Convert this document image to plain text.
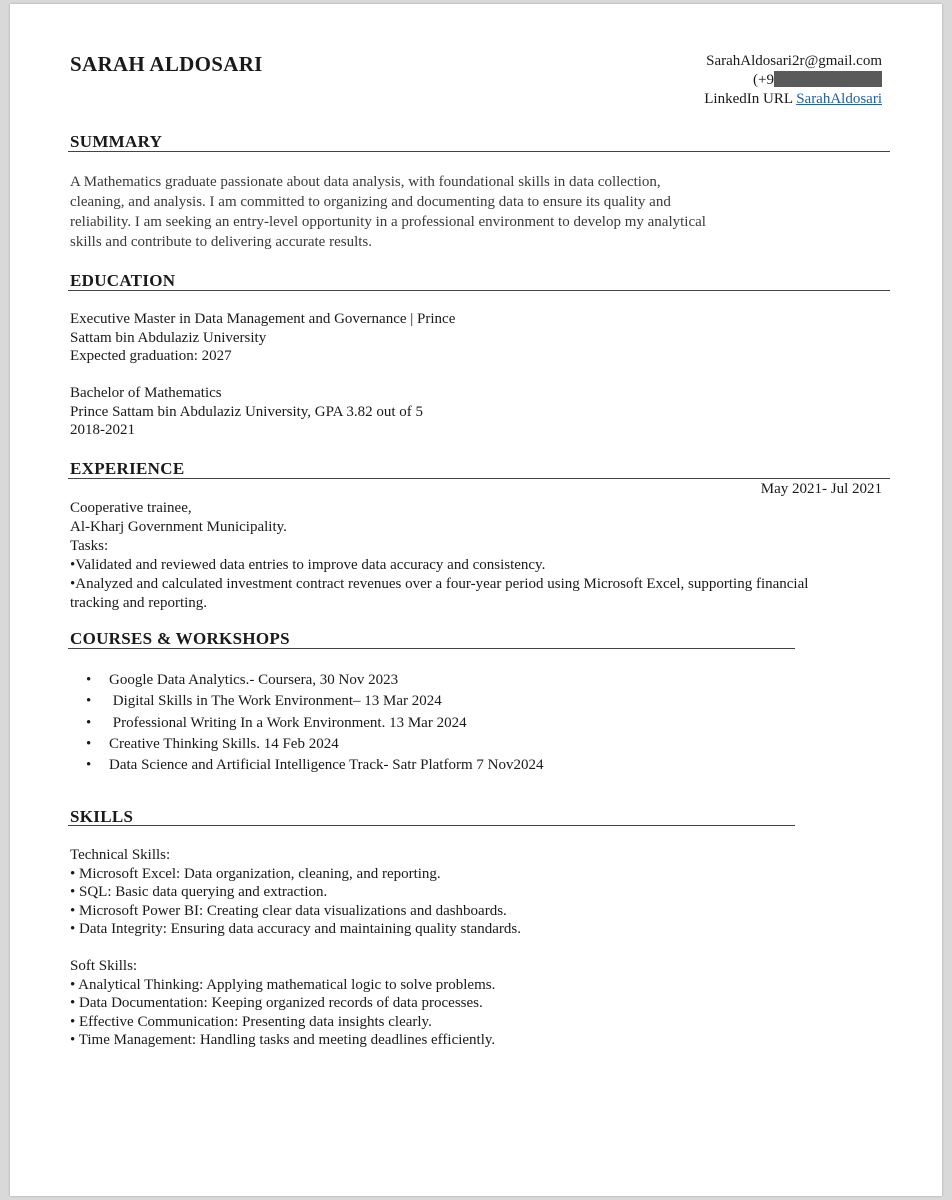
SARAH ALDOSARI	SarahAldosari2r@gmail.com
(+9
LinkedIn URL SarahAldosari
SUMMARY
A Mathematics graduate passionate about data analysis, with foundational skills in data collection,
cleaning, and analysis. I am committed to organizing and documenting data to ensure its quality and
reliability. I am seeking an entry-level opportunity in a professional environment to develop my analytical
skills and contribute to delivering accurate results.
EDUCATION
Executive Master in Data Management and Governance | Prince
Sattam bin Abdulaziz University
Expected graduation: 2027
Bachelor of Mathematics
Prince Sattam bin Abdulaziz University, GPA 3.82 out of 5
2018-2021
EXPERIENCE
May 2021- Jul 2021
Cooperative trainee,
Al-Kharj Government Municipality.
Tasks:
•Validated and reviewed data entries to improve data accuracy and consistency.
•Analyzed and calculated investment contract revenues over a four-year period using Microsoft Excel, supporting financial
tracking and reporting.
COURSES & WORKSHOPS
• Google Data Analytics.- Coursera, 30 Nov 2023
• Digital Skills in The Work Environment– 13 Mar 2024
• Professional Writing In a Work Environment. 13 Mar 2024
• Creative Thinking Skills. 14 Feb 2024
• Data Science and Artificial Intelligence Track- Satr Platform 7 Nov2024
SKILLS
Technical Skills:
• Microsoft Excel: Data organization, cleaning, and reporting.
• SQL: Basic data querying and extraction.
• Microsoft Power BI: Creating clear data visualizations and dashboards.
• Data Integrity: Ensuring data accuracy and maintaining quality standards.
Soft Skills:
• Analytical Thinking: Applying mathematical logic to solve problems.
• Data Documentation: Keeping organized records of data processes.
• Effective Communication: Presenting data insights clearly.
• Time Management: Handling tasks and meeting deadlines efficiently.
